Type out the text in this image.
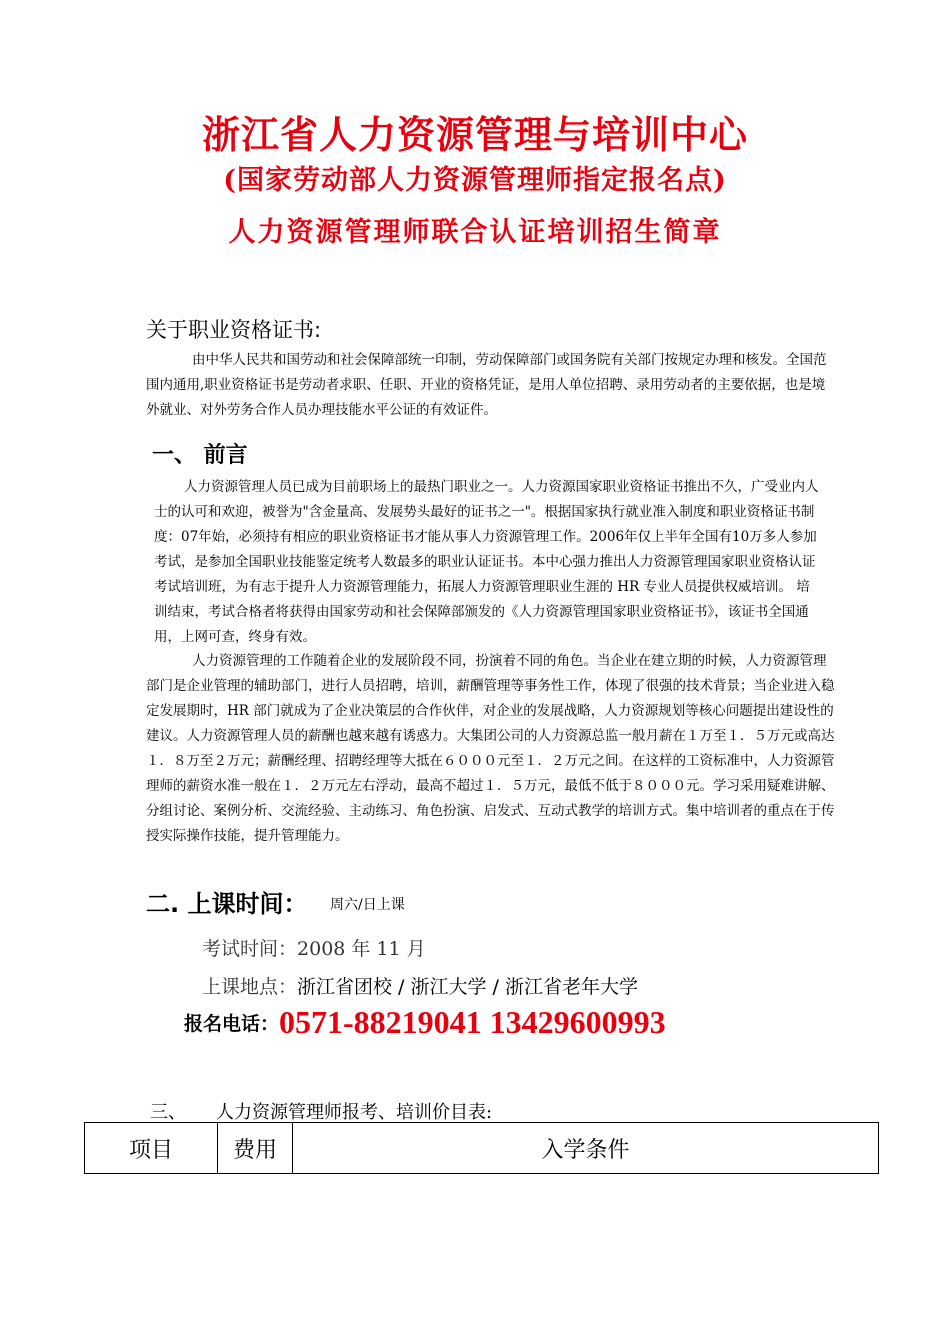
浙江省人力资源管理与培训中心
(国家劳动部人力资源管理师指定报名点)
人力资源管理师联合认证培训招生简章
关于职业资格证书:
由中华人民共和国劳动和社会保障部统一印制，劳动保障部门或国务院有关部门按规定办理和核发。全国范围内通用,职业资格证书是劳动者求职、任职、开业的资格凭证，是用人单位招聘、录用劳动者的主要依据，也是境外就业、对外劳务合作人员办理技能水平公证的有效证件。
一、 前言
人力资源管理人员已成为目前职场上的最热门职业之一。人力资源国家职业资格证书推出不久，广受业内人士的认可和欢迎，被誉为"含金量高、发展势头最好的证书之一"。根据国家执行就业准入制度和职业资格证书制度：07年始，必须持有相应的职业资格证书才能从事人力资源管理工作。2006年仅上半年全国有10万多人参加考试，是参加全国职业技能鉴定统考人数最多的职业认证证书。本中心强力推出人力资源管理国家职业资格认证考试培训班，为有志于提升人力资源管理能力，拓展人力资源管理职业生涯的 HR 专业人员提供权威培训。 培训结束，考试合格者将获得由国家劳动和社会保障部颁发的《人力资源管理国家职业资格证书》，该证书全国通用，上网可查，终身有效。
人力资源管理的工作随着企业的发展阶段不同，扮演着不同的角色。当企业在建立期的时候，人力资源管理部门是企业管理的辅助部门，进行人员招聘，培训，薪酬管理等事务性工作，体现了很强的技术背景；当企业进入稳定发展期时，HR 部门就成为了企业决策层的合作伙伴，对企业的发展战略，人力资源规划等核心问题提出建设性的建议。人力资源管理人员的薪酬也越来越有诱惑力。大集团公司的人力资源总监一般月薪在１万至１．５万元或高达１．８万至２万元；薪酬经理、招聘经理等大抵在６０００元至１．２万元之间。在这样的工资标准中，人力资源管理师的薪资水准一般在１．２万元左右浮动，最高不超过１．５万元，最低不低于８０００元。学习采用疑难讲解、分组讨论、案例分析、交流经验、主动练习、角色扮演、启发式、互动式教学的培训方式。集中培训者的重点在于传授实际操作技能，提升管理能力。
二. 上课时间： 周六/日上课
考试时间：2008 年 11 月
上课地点：浙江省团校 / 浙江大学 / 浙江省老年大学
报名电话：0571-88219041 13429600993
三、 人力资源管理师报考、培训价目表:
项目	费用	入学条件
